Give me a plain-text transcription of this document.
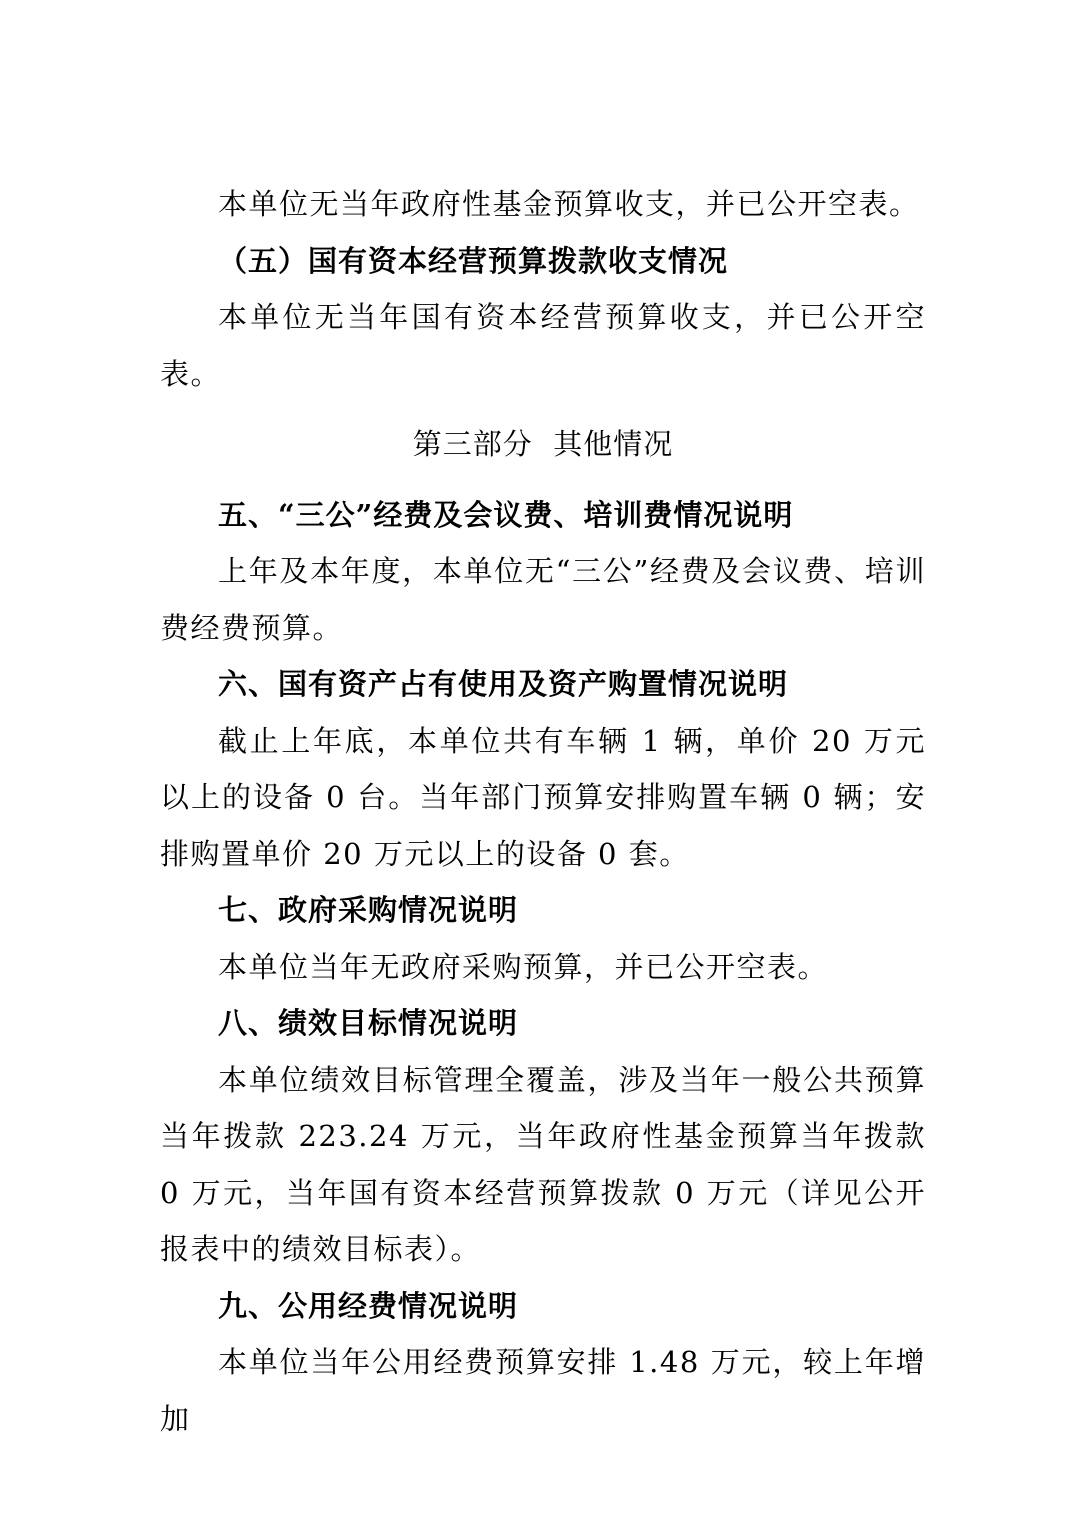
本单位无当年政府性基金预算收支，并已公开空表。

（五）国有资本经营预算拨款收支情况

本单位无当年国有资本经营预算收支，并已公开空表。

第三部分  其他情况

五、“三公”经费及会议费、培训费情况说明

上年及本年度，本单位无“三公”经费及会议费、培训费经费预算。

六、国有资产占有使用及资产购置情况说明

截止上年底，本单位共有车辆 1 辆，单价 20 万元以上的设备 0 台。当年部门预算安排购置车辆 0 辆；安排购置单价 20 万元以上的设备 0 套。

七、政府采购情况说明

本单位当年无政府采购预算，并已公开空表。

八、绩效目标情况说明

本单位绩效目标管理全覆盖，涉及当年一般公共预算当年拨款 223.24 万元，当年政府性基金预算当年拨款 0 万元，当年国有资本经营预算拨款 0 万元（详见公开报表中的绩效目标表）。

九、公用经费情况说明

本单位当年公用经费预算安排 1.48 万元，较上年增加
